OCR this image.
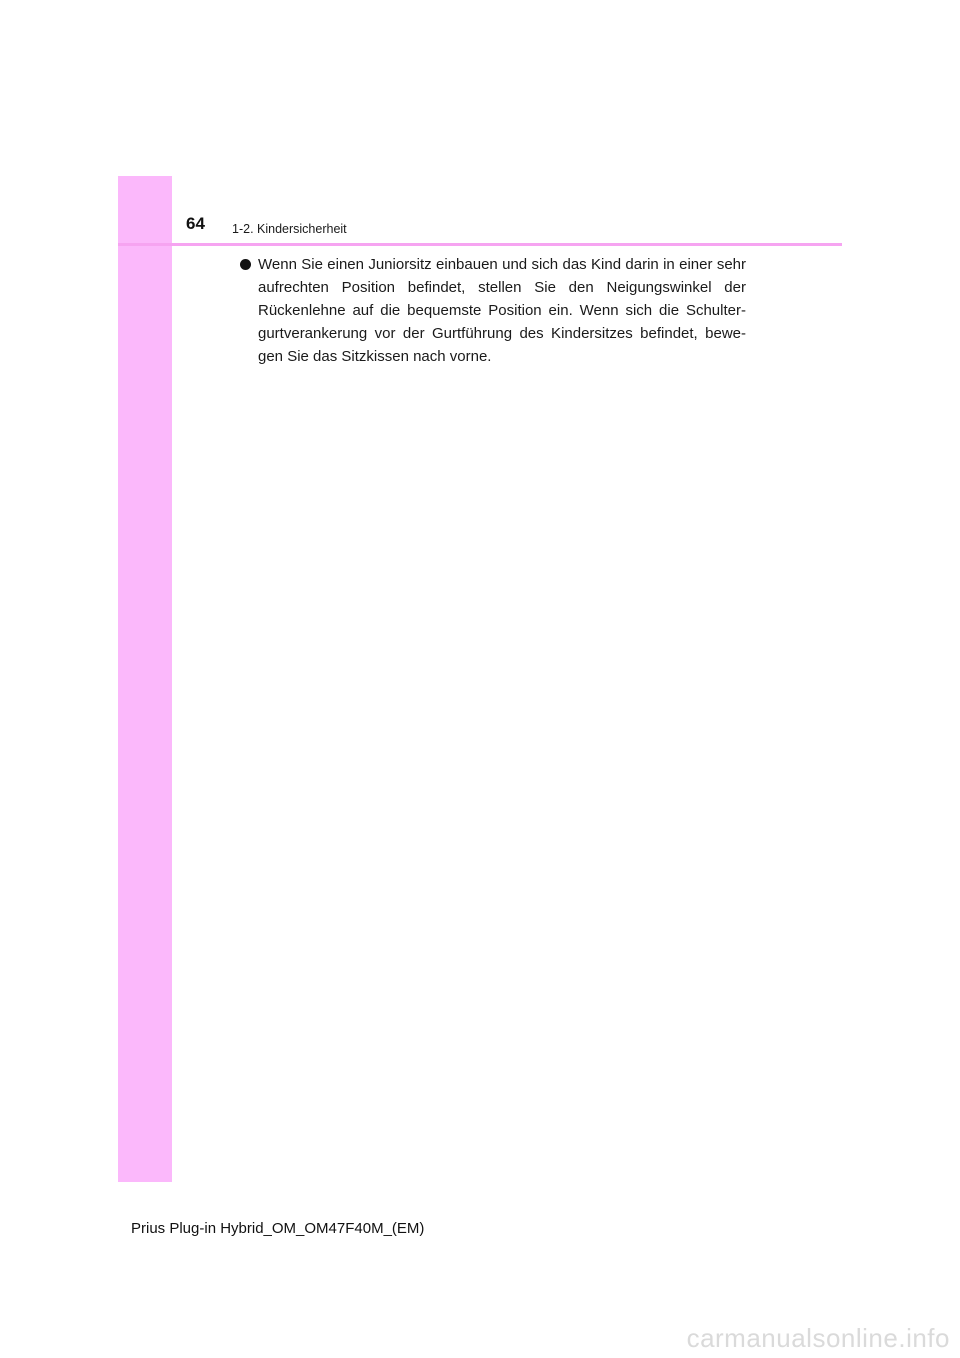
64 1-2. Kindersicherheit

Wenn Sie einen Juniorsitz einbauen und sich das Kind darin in einer sehr aufrechten Position befindet, stellen Sie den Neigungswinkel der Rückenlehne auf die bequemste Position ein. Wenn sich die Schulter-gurtverankerung vor der Gurtführung des Kindersitzes befindet, bewe-gen Sie das Sitzkissen nach vorne.

Prius Plug-in Hybrid_OM_OM47F40M_(EM)
carmanualsonline.info
